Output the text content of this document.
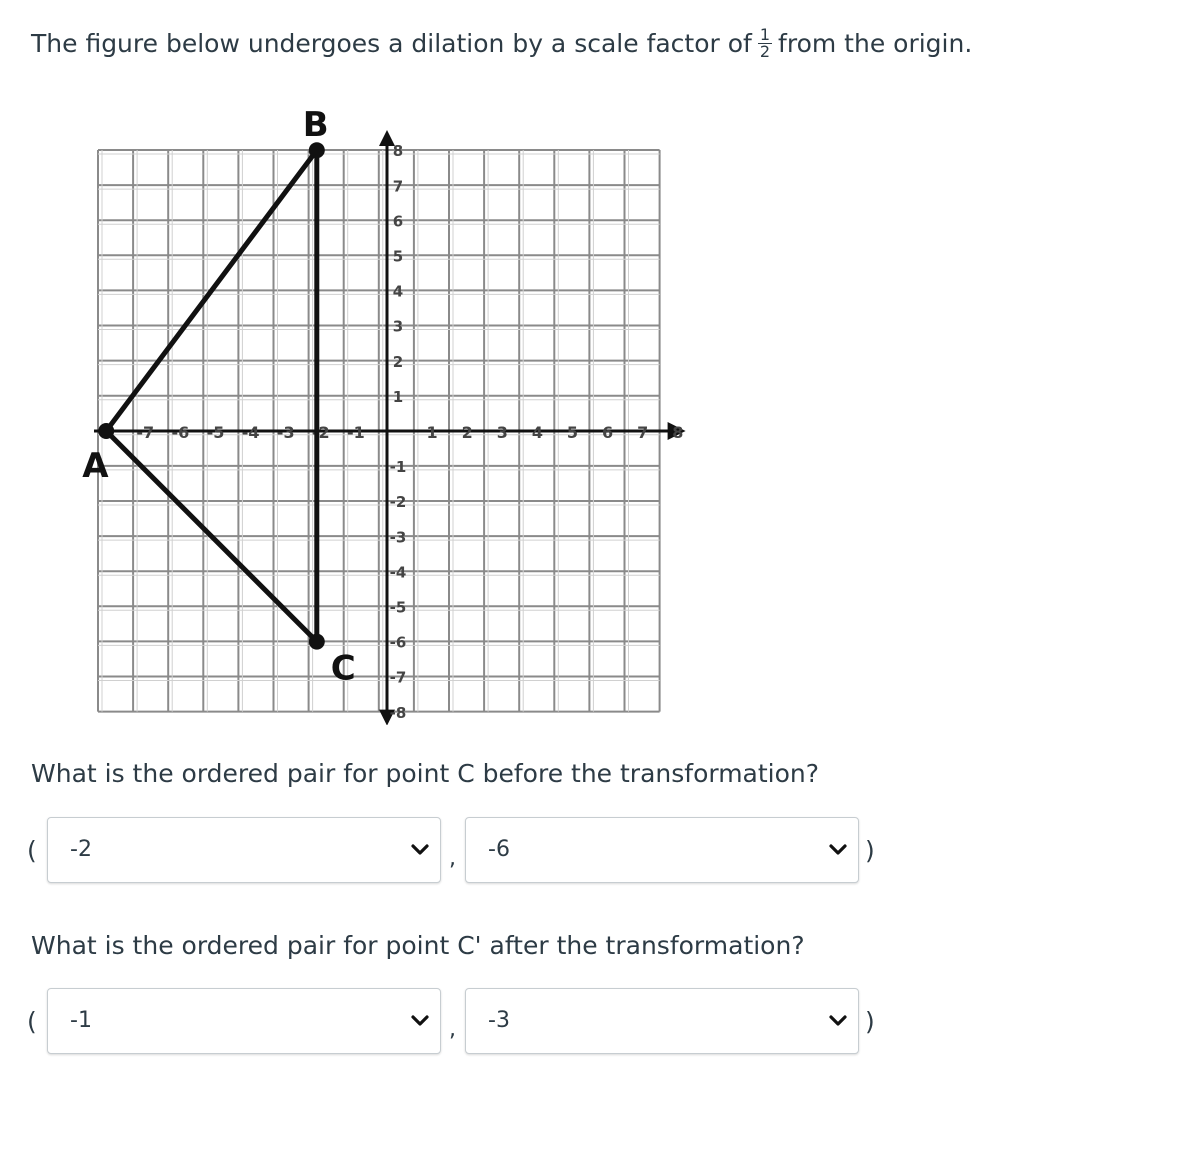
The figure below undergoes a dilation by a scale factor of $\frac{1}{2}$ from the origin.
-7 -6 -5 -4 -3 -2 -1	1 2 3 4 5 6 7 8
8
7
6
5
4
3
2
1
-1
-2
-3
-4
-5
-6
-7
-8
A
B
C
What is the ordered pair for point C before the transformation?
( -2	, -6	)
What is the ordered pair for point C' after the transformation?
( -1	, -3	)
